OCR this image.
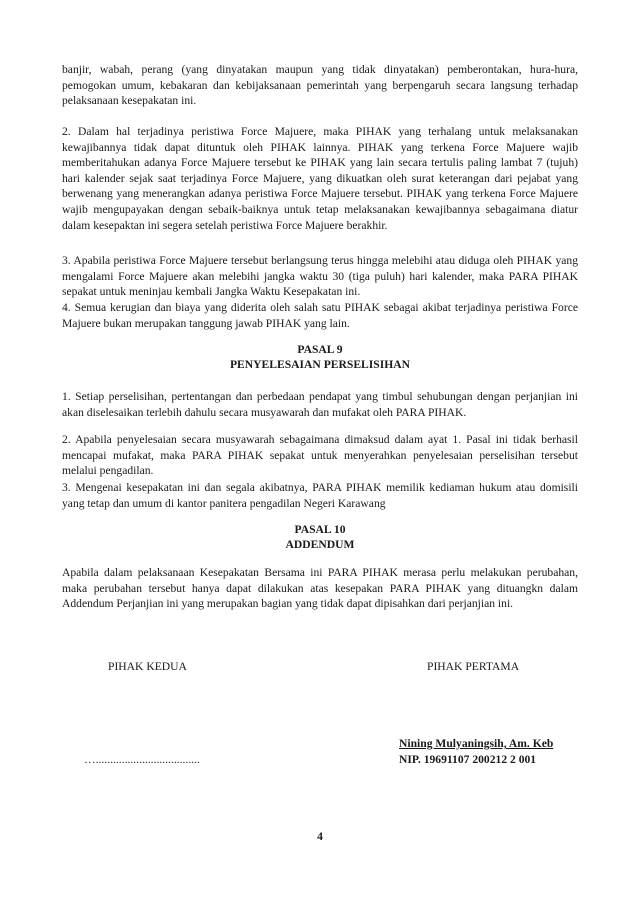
banjir, wabah, perang (yang dinyatakan maupun yang tidak dinyatakan) pemberontakan, hura-hura, pemogokan umum, kebakaran dan kebijaksanaan pemerintah yang berpengaruh secara langsung terhadap pelaksanaan kesepakatan ini.

2. Dalam hal terjadinya peristiwa Force Majuere, maka PIHAK yang terhalang untuk melaksanakan kewajibannya tidak dapat dituntuk oleh PIHAK lainnya. PIHAK yang terkena Force Majuere wajib memberitahukan adanya Force Majuere tersebut ke PIHAK yang lain secara tertulis paling lambat 7 (tujuh) hari kalender sejak saat terjadinya Force Majuere, yang dikuatkan oleh surat keterangan dari pejabat yang berwenang yang menerangkan adanya peristiwa Force Majuere tersebut. PIHAK yang terkena Force Majuere wajib mengupayakan dengan sebaik-baiknya untuk tetap melaksanakan kewajibannya sebagaimana diatur dalam kesepaktan ini segera setelah peristiwa Force Majuere berakhir.

3. Apabila peristiwa Force Majuere tersebut berlangsung terus hingga melebihi atau diduga oleh PIHAK yang mengalami Force Majuere akan melebihi jangka waktu 30 (tiga puluh) hari kalender, maka PARA PIHAK sepakat untuk meninjau kembali Jangka Waktu Kesepakatan ini.

4. Semua kerugian dan biaya yang diderita oleh salah satu PIHAK sebagai akibat terjadinya peristiwa Force Majuere bukan merupakan tanggung jawab PIHAK yang lain.

PASAL 9

PENYELESAIAN PERSELISIHAN

1. Setiap perselisihan, pertentangan dan perbedaan pendapat yang timbul sehubungan dengan perjanjian ini akan diselesaikan terlebih dahulu secara musyawarah dan mufakat oleh PARA PIHAK.

2. Apabila penyelesaian secara musyawarah sebagaimana dimaksud dalam ayat 1. Pasal ini tidak berhasil mencapai mufakat, maka PARA PIHAK sepakat untuk menyerahkan penyelesaian perselisihan tersebut melalui pengadilan.

3. Mengenai kesepakatan ini dan segala akibatnya, PARA PIHAK memilik kediaman hukum atau domisili yang tetap dan umum di kantor panitera pengadilan Negeri Karawang

PASAL 10

ADDENDUM

Apabila dalam pelaksanaan Kesepakatan Bersama ini PARA PIHAK merasa perlu melakukan perubahan, maka perubahan tersebut hanya dapat dilakukan atas kesepakan PARA PIHAK yang dituangkn dalam Addendum Perjanjian ini yang merupakan bagian yang tidak dapat dipisahkan dari perjanjian ini.

PIHAK KEDUA	PIHAK PERTAMA

…....................................

Nining Mulyaningsih, Am. Keb

NIP. 19691107 200212 2 001

4
